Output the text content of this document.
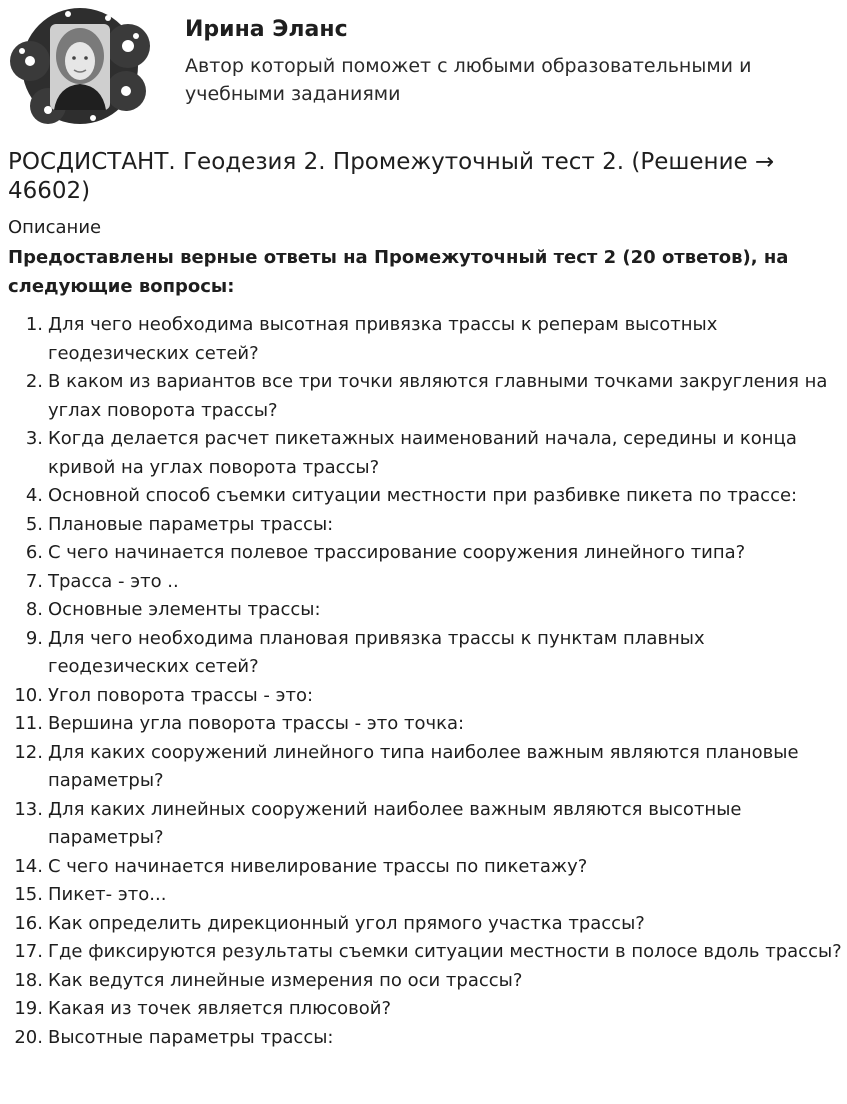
Ирина Эланс
Автор который поможет с любыми образовательными и учебными заданиями
РОСДИСТАНТ. Геодезия 2. Промежуточный тест 2. (Решение → 46602)
Описание
Предоставлены верные ответы на Промежуточный тест 2 (20 ответов), на следующие вопросы:
1. Для чего необходима высотная привязка трассы к реперам высотных геодезических сетей?
2. В каком из вариантов все три точки являются главными точками закругления на углах поворота трассы?
3. Когда делается расчет пикетажных наименований начала, середины и конца кривой на углах поворота трассы?
4. Основной способ съемки ситуации местности при разбивке пикета по трассе:
5. Плановые параметры трассы:
6. С чего начинается полевое трассирование сооружения линейного типа?
7. Трасса - это ..
8. Основные элементы трассы:
9. Для чего необходима плановая привязка трассы к пунктам плавных геодезических сетей?
10. Угол поворота трассы - это:
11. Вершина угла поворота трассы - это точка:
12. Для каких сооружений линейного типа наиболее важным являются плановые параметры?
13. Для каких линейных сооружений наиболее важным являются высотные параметры?
14. С чего начинается нивелирование трассы по пикетажу?
15. Пикет- это...
16. Как определить дирекционный угол прямого участка трассы?
17. Где фиксируются результаты съемки ситуации местности в полосе вдоль трассы?
18. Как ведутся линейные измерения по оси трассы?
19. Какая из точек является плюсовой?
20. Высотные параметры трассы:
